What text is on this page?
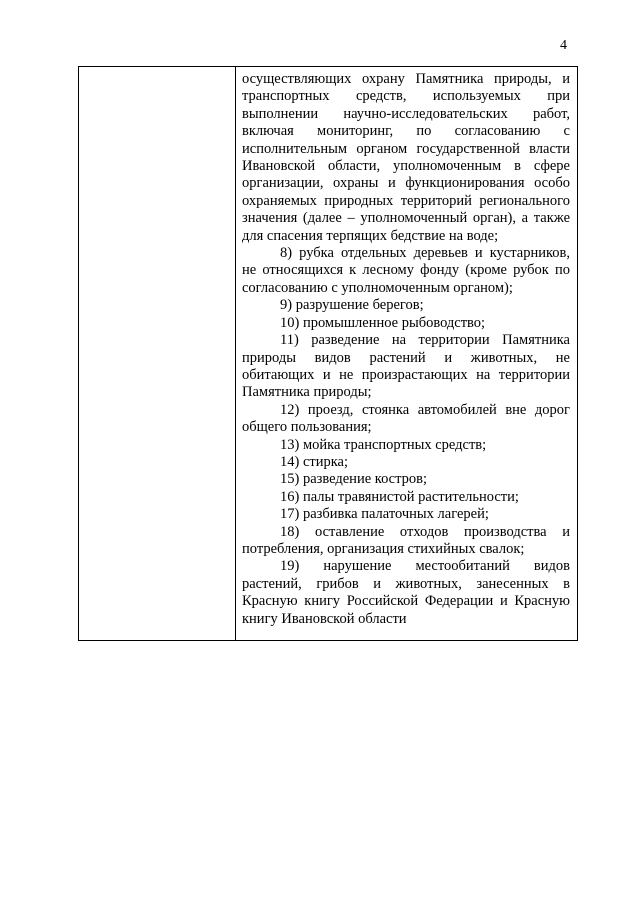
4

осуществляющих охрану Памятника природы, и транспортных средств, используемых при выполнении научно-исследовательских работ, включая мониторинг, по согласованию с исполнительным органом государственной власти Ивановской области, уполномоченным в сфере организации, охраны и функционирования особо охраняемых природных территорий регионального значения (далее – уполномоченный орган), а также для спасения терпящих бедствие на воде;

8) рубка отдельных деревьев и кустарников, не относящихся к лесному фонду (кроме рубок по согласованию с уполномоченным органом);

9) разрушение берегов;

10) промышленное рыбоводство;

11) разведение на территории Памятника природы видов растений и животных, не обитающих и не произрастающих на территории Памятника природы;

12) проезд, стоянка автомобилей вне дорог общего пользования;

13) мойка транспортных средств;

14) стирка;

15) разведение костров;

16) палы травянистой растительности;

17) разбивка палаточных лагерей;

18) оставление отходов производства и потребления, организация стихийных свалок;

19) нарушение местообитаний видов растений, грибов и животных, занесенных в Красную книгу Российской Федерации и Красную книгу Ивановской области
